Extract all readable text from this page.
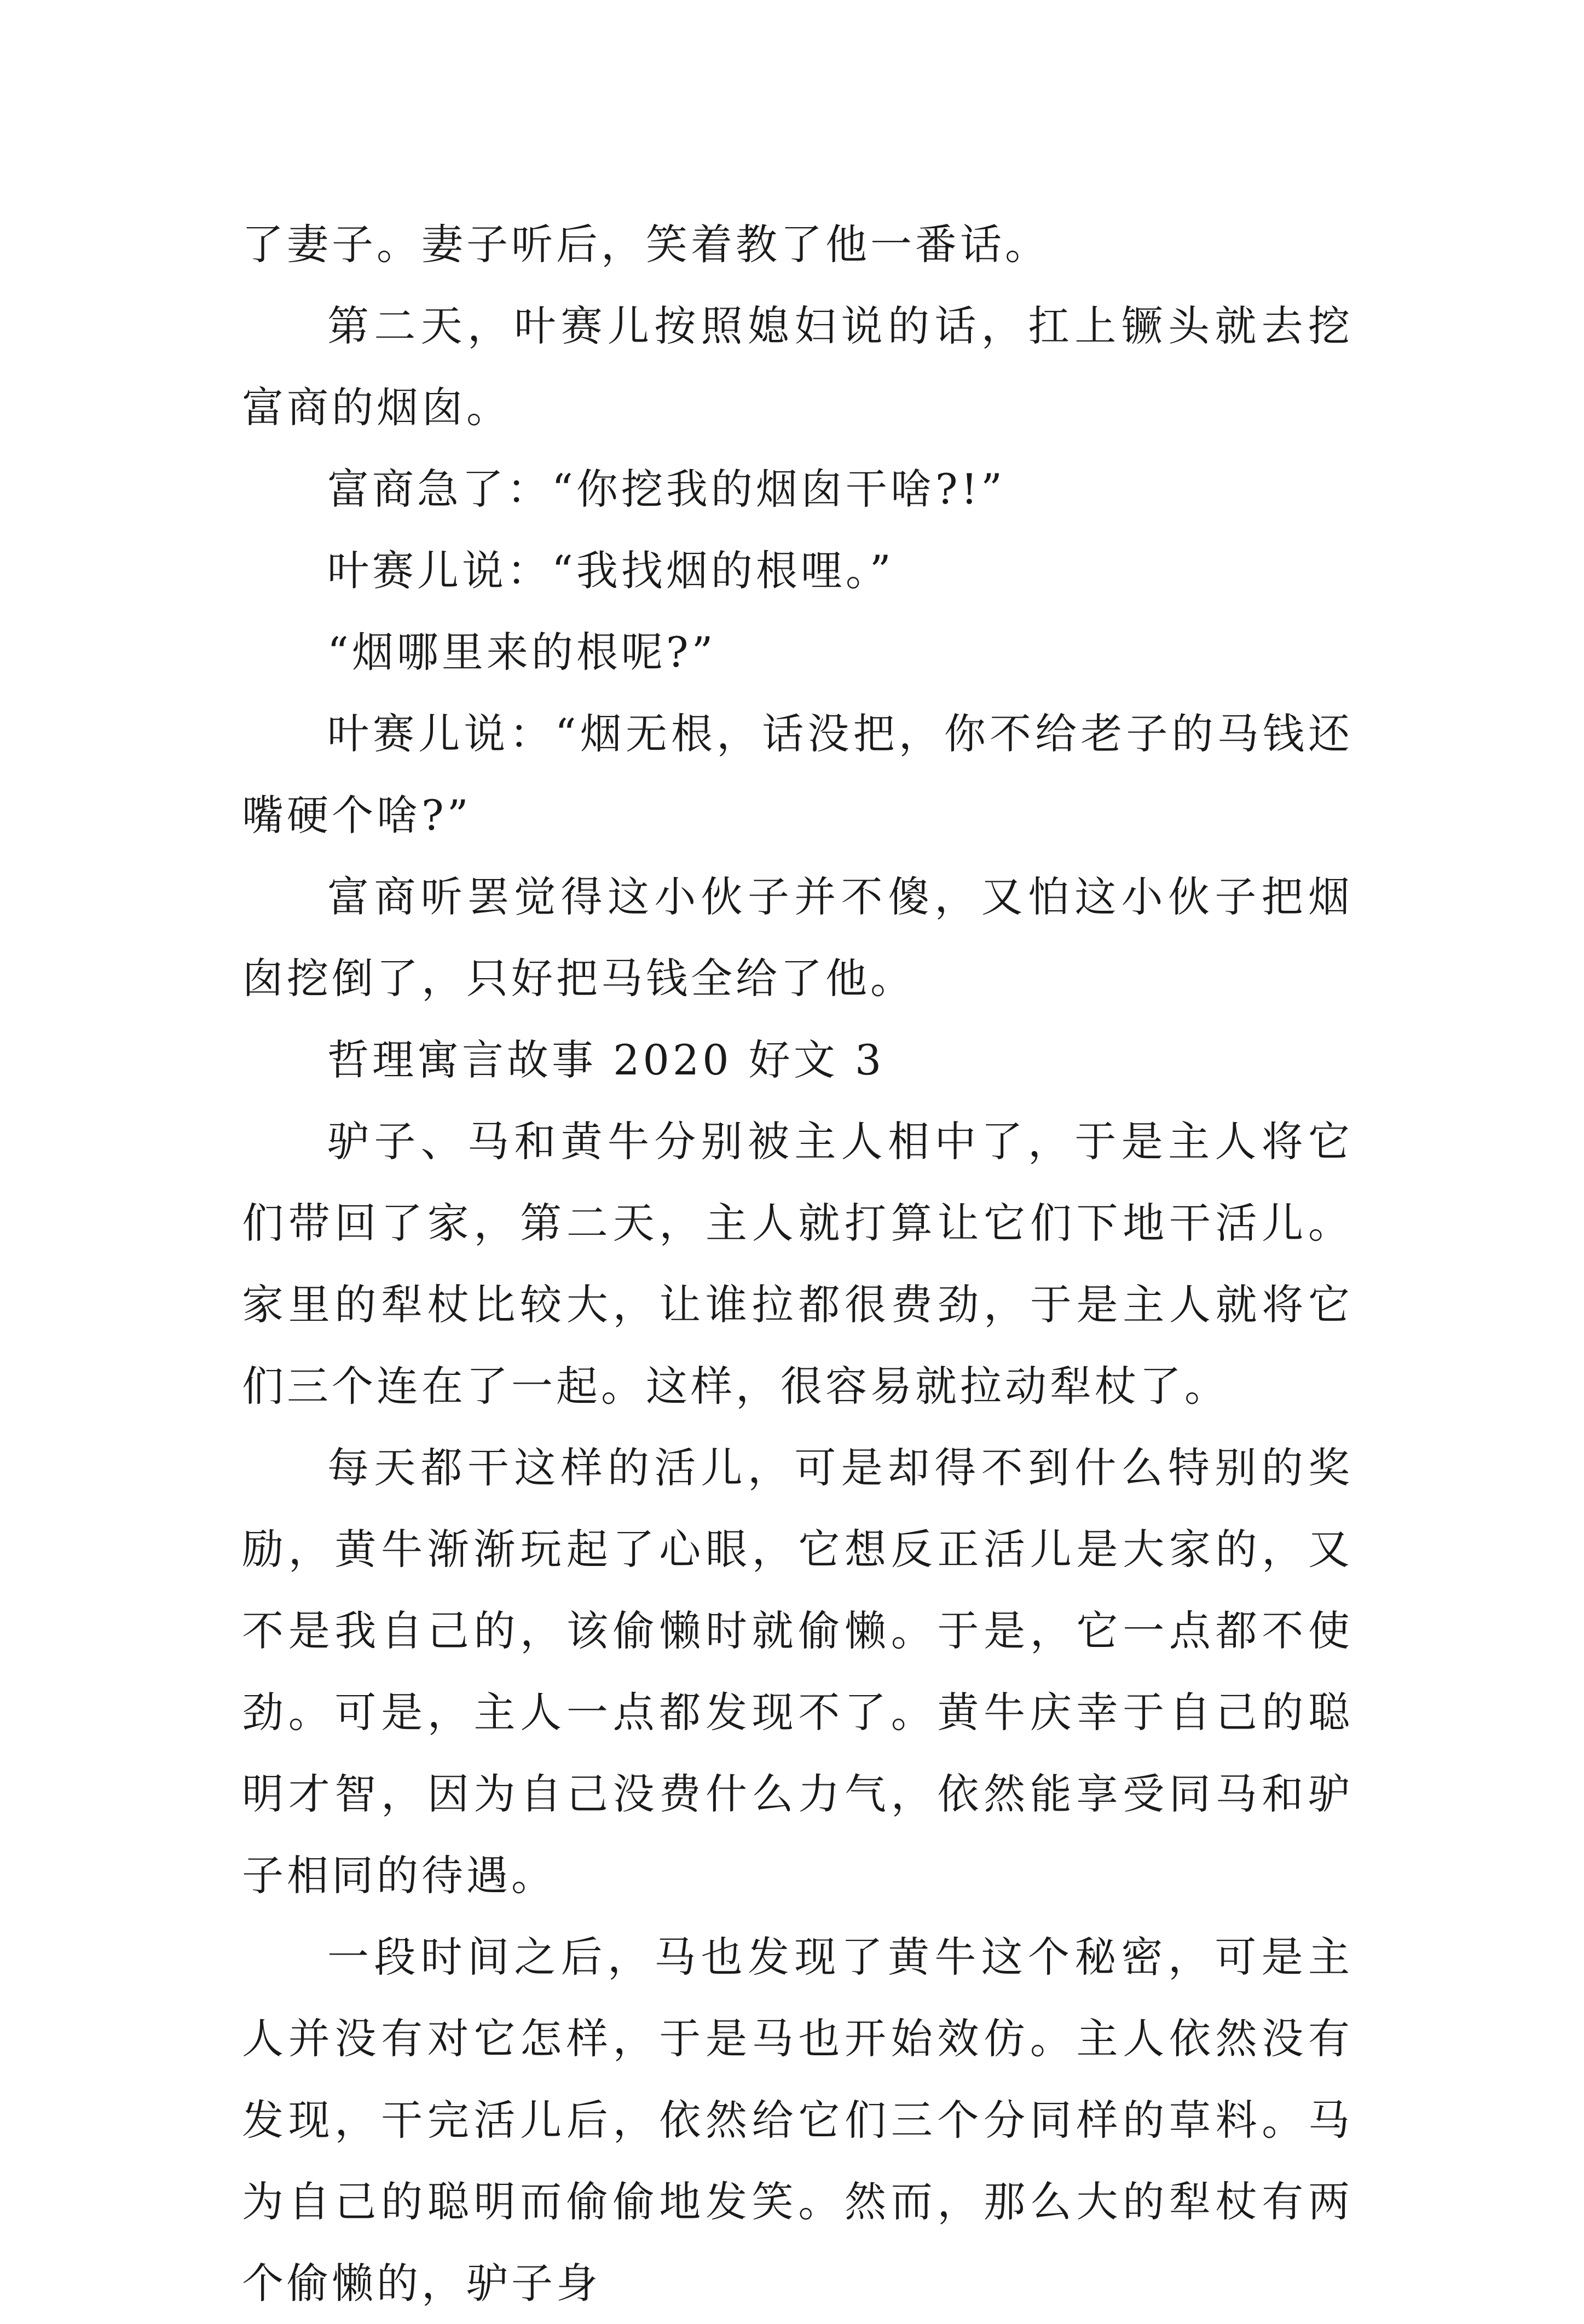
了妻子。妻子听后，笑着教了他一番话。

第二天，叶赛儿按照媳妇说的话，扛上镢头就去挖富商的烟囱。

富商急了：“你挖我的烟囱干啥?!”

叶赛儿说：“我找烟的根哩。”

“烟哪里来的根呢?”

叶赛儿说：“烟无根，话没把，你不给老子的马钱还嘴硬个啥?”

富商听罢觉得这小伙子并不傻，又怕这小伙子把烟囱挖倒了，只好把马钱全给了他。

哲理寓言故事 2020 好文 3

驴子、马和黄牛分别被主人相中了，于是主人将它们带回了家，第二天，主人就打算让它们下地干活儿。家里的犁杖比较大，让谁拉都很费劲，于是主人就将它们三个连在了一起。这样，很容易就拉动犁杖了。

每天都干这样的活儿，可是却得不到什么特别的奖励，黄牛渐渐玩起了心眼，它想反正活儿是大家的，又不是我自己的，该偷懒时就偷懒。于是，它一点都不使劲。可是，主人一点都发现不了。黄牛庆幸于自己的聪明才智，因为自己没费什么力气，依然能享受同马和驴子相同的待遇。

一段时间之后，马也发现了黄牛这个秘密，可是主人并没有对它怎样，于是马也开始效仿。主人依然没有发现，干完活儿后，依然给它们三个分同样的草料。马为自己的聪明而偷偷地发笑。然而，那么大的犁杖有两个偷懒的，驴子身
